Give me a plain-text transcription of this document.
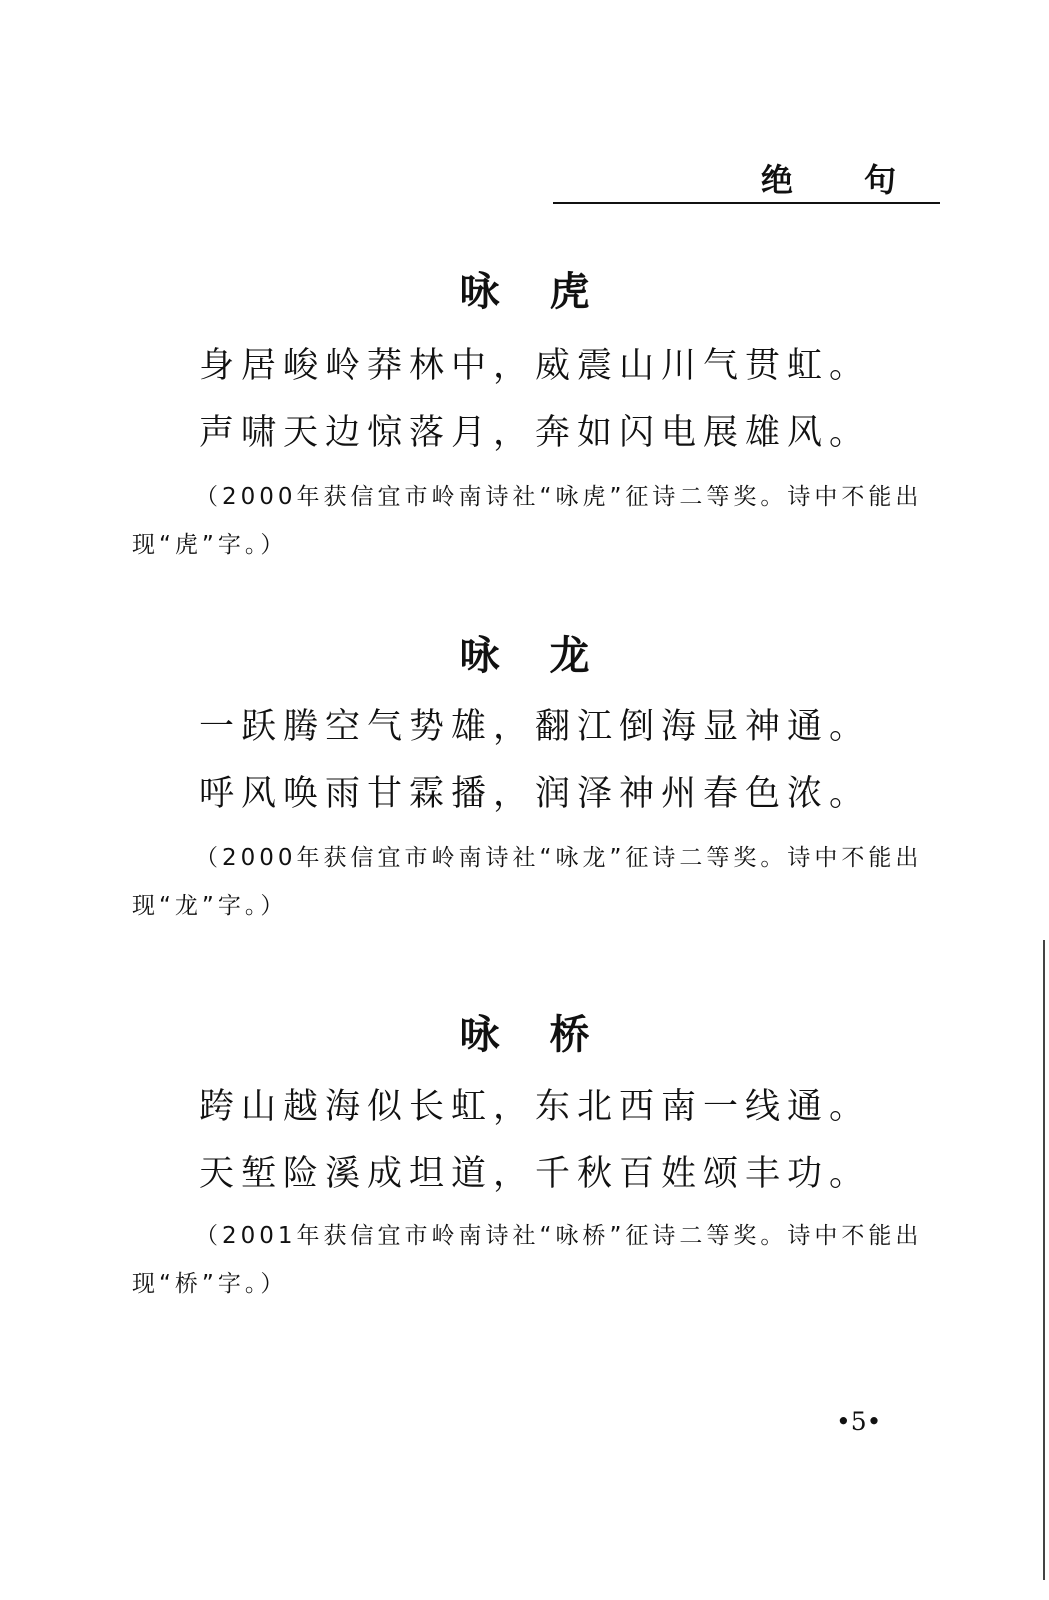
绝 句
咏虎
身居峻岭莽林中，威震山川气贯虹。
声啸天边惊落月，奔如闪电展雄风。
（2000年获信宜市岭南诗社“咏虎”征诗二等奖。诗中不能出现“虎”字。）
咏龙
一跃腾空气势雄，翻江倒海显神通。
呼风唤雨甘霖播，润泽神州春色浓。
（2000年获信宜市岭南诗社“咏龙”征诗二等奖。诗中不能出现“龙”字。）
咏桥
跨山越海似长虹，东北西南一线通。
天堑险溪成坦道，千秋百姓颂丰功。
（2001年获信宜市岭南诗社“咏桥”征诗二等奖。诗中不能出现“桥”字。）
•5•
